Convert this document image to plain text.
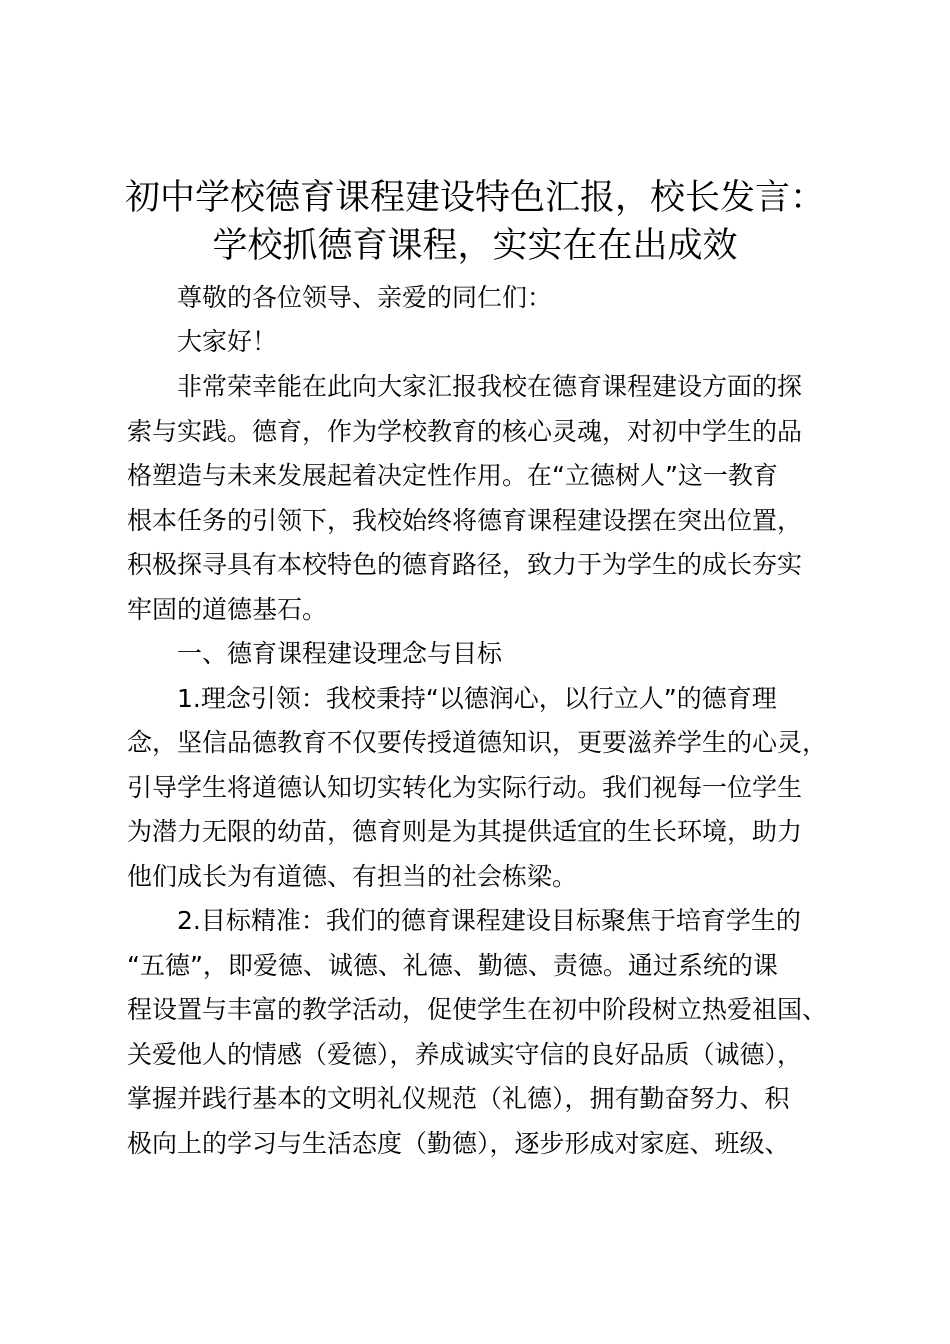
初中学校德育课程建设特色汇报，校长发言：
学校抓德育课程，实实在在出成效
尊敬的各位领导、亲爱的同仁们：
大家好！
非常荣幸能在此向大家汇报我校在德育课程建设方面的探
索与实践。德育，作为学校教育的核心灵魂，对初中学生的品
格塑造与未来发展起着决定性作用。在“立德树人”这一教育
根本任务的引领下，我校始终将德育课程建设摆在突出位置，
积极探寻具有本校特色的德育路径，致力于为学生的成长夯实
牢固的道德基石。
一、德育课程建设理念与目标
1.理念引领：我校秉持“以德润心，以行立人”的德育理
念，坚信品德教育不仅要传授道德知识，更要滋养学生的心灵，
引导学生将道德认知切实转化为实际行动。我们视每一位学生
为潜力无限的幼苗，德育则是为其提供适宜的生长环境，助力
他们成长为有道德、有担当的社会栋梁。
2.目标精准：我们的德育课程建设目标聚焦于培育学生的
“五德”，即爱德、诚德、礼德、勤德、责德。通过系统的课
程设置与丰富的教学活动，促使学生在初中阶段树立热爱祖国、
关爱他人的情感（爱德），养成诚实守信的良好品质（诚德），
掌握并践行基本的文明礼仪规范（礼德），拥有勤奋努力、积
极向上的学习与生活态度（勤德），逐步形成对家庭、班级、
